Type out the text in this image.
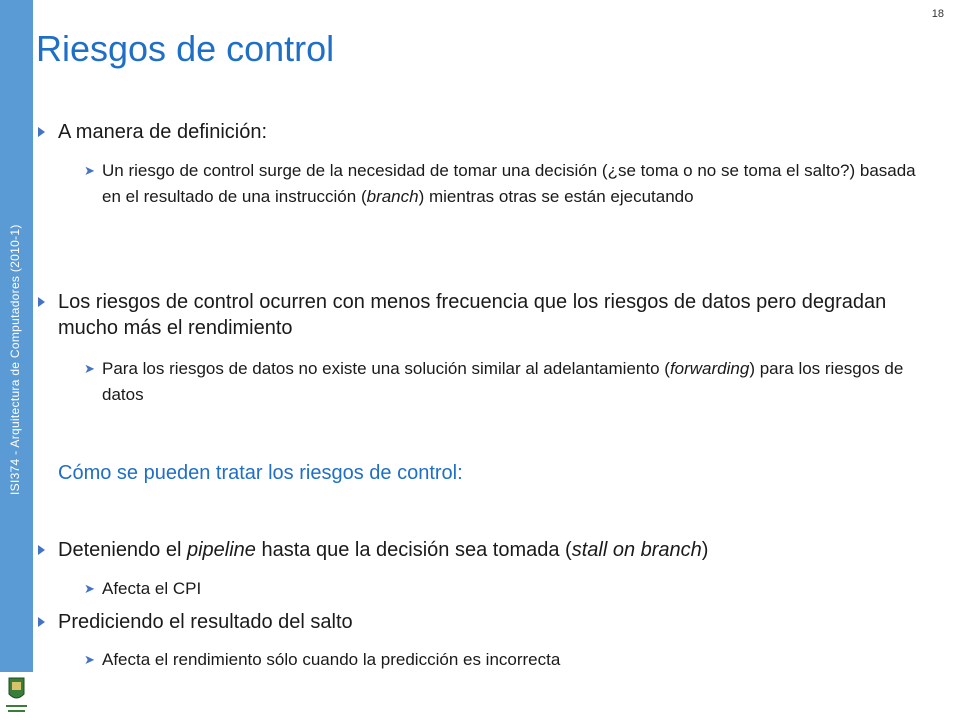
ISI374 - Arquitectura de Computadores (2010-1)
18
Riesgos de control
A manera de definición:
➤ Un riesgo de control surge de la necesidad de tomar una decisión (¿se toma o no se toma el salto?) basada en el resultado de una instrucción (branch) mientras otras se están ejecutando
Los riesgos de control ocurren con menos frecuencia que los riesgos de datos pero degradan mucho más el rendimiento
➤ Para los riesgos de datos no existe una solución similar al adelantamiento (forwarding) para los riesgos de datos
Cómo se pueden tratar los riesgos de control:
Deteniendo el pipeline hasta que la decisión sea tomada (stall on branch)
➤ Afecta el CPI
Prediciendo el resultado del salto
➤ Afecta el rendimiento sólo cuando la predicción es incorrecta
